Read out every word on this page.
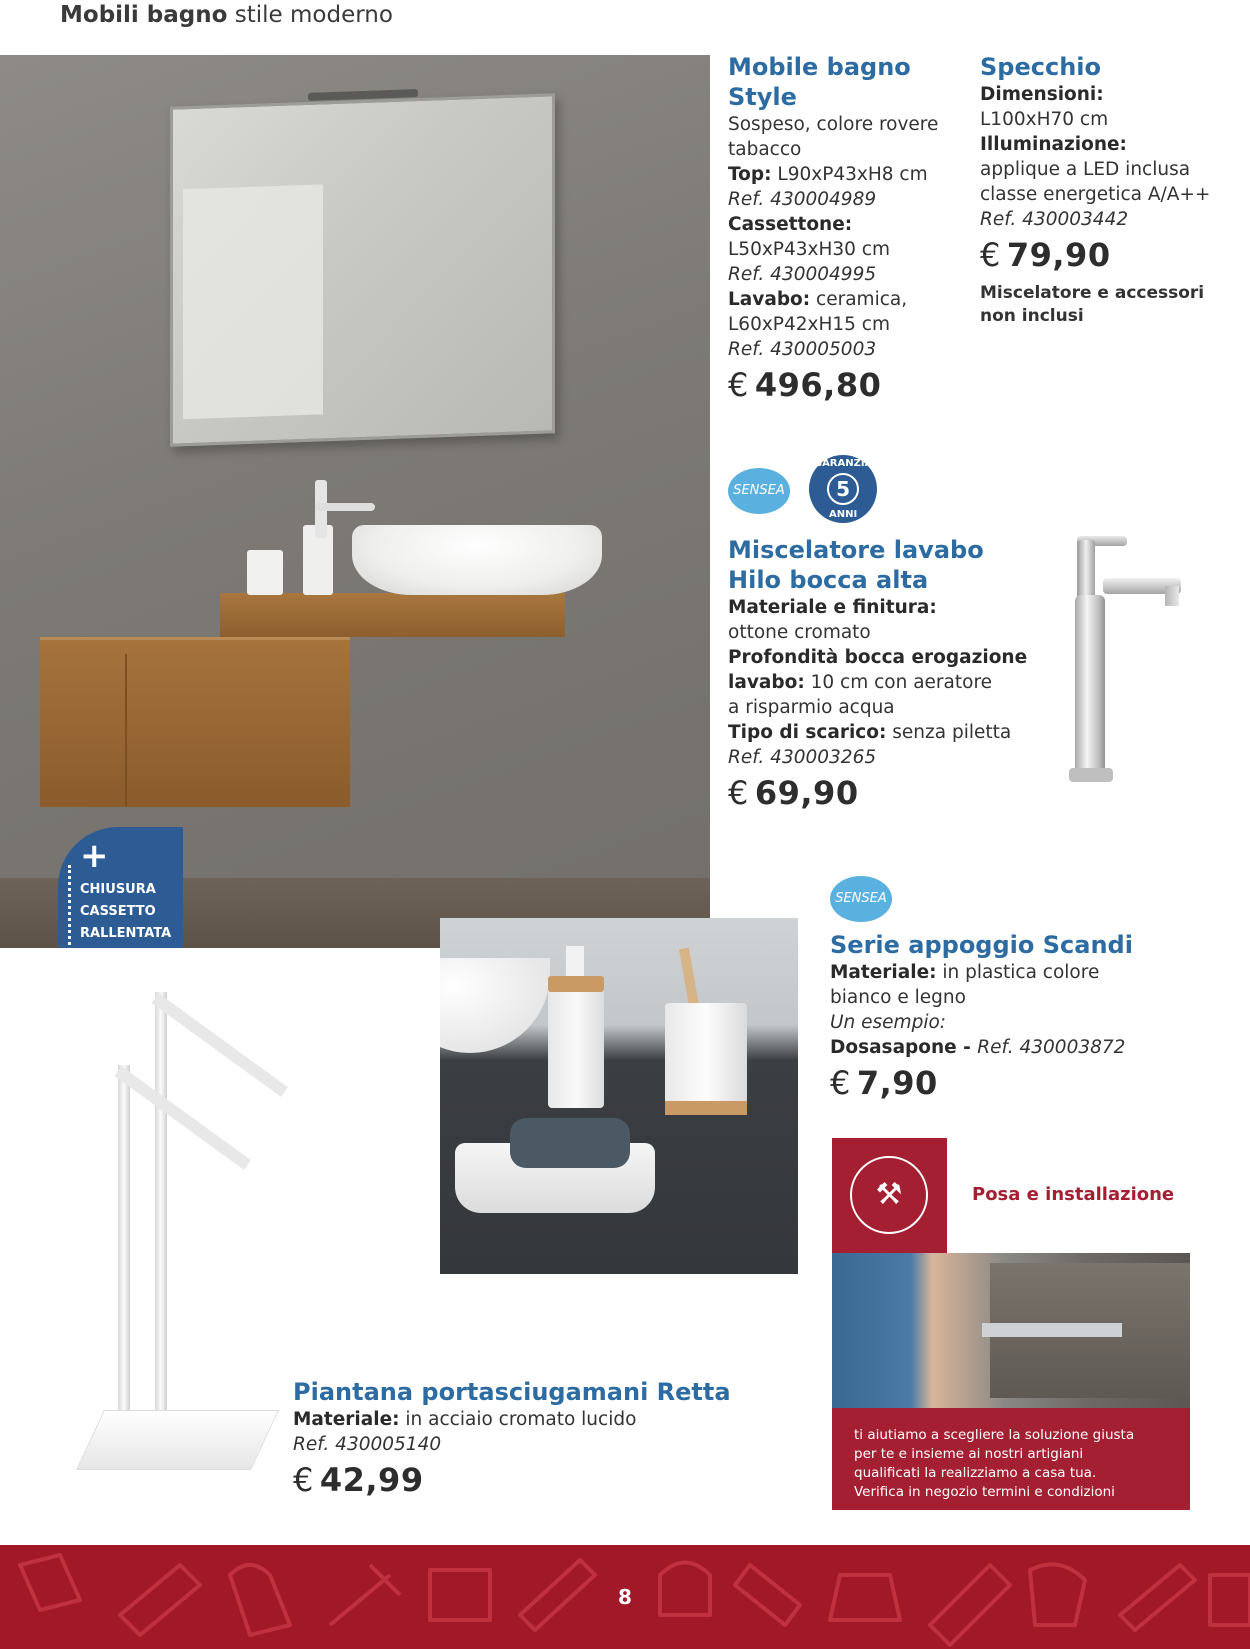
Mobili bagno stile moderno
+
CHIUSURA
CASSETTO
RALLENTATA
Mobile bagno Style
Sospeso, colore rovere
tabacco
Top: L90xP43xH8 cm
Ref. 430004989
Cassettone:
L50xP43xH30 cm
Ref. 430004995
Lavabo: ceramica,
L60xP42xH15 cm
Ref. 430005003
€ 496,80
Specchio
Dimensioni:
L100xH70 cm
Illuminazione:
applique a LED inclusa
classe energetica A/A++
Ref. 430003442
€ 79,90
Miscelatore e accessori
non inclusi
SENSEA
GARANZIA
5
ANNI
Miscelatore lavabo
Hilo bocca alta
Materiale e finitura:
ottone cromato
Profondità bocca erogazione
lavabo: 10 cm con aeratore
a risparmio acqua
Tipo di scarico: senza piletta
Ref. 430003265
€ 69,90
SENSEA
Serie appoggio Scandi
Materiale: in plastica colore
bianco e legno
Un esempio:
Dosasapone - Ref. 430003872
€ 7,90
Piantana portasciugamani Retta
Materiale: in acciaio cromato lucido
Ref. 430005140
€ 42,99
⚒	Posa e installazione
ti aiutiamo a scegliere la soluzione giusta
per te e insieme ai nostri artigiani
qualificati la realizziamo a casa tua.
Verifica in negozio termini e condizioni
8
